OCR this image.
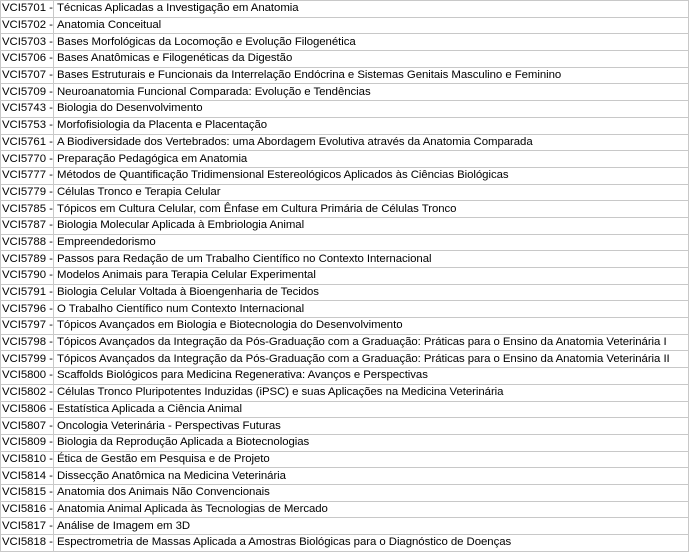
VCI5701 -	Técnicas Aplicadas a Investigação em Anatomia
VCI5702 -	Anatomia Conceitual
VCI5703 -	Bases Morfológicas da Locomoção e Evolução Filogenética
VCI5706 -	Bases Anatômicas e Filogenéticas da Digestão
VCI5707 -	Bases Estruturais e Funcionais da Interrelação Endócrina e Sistemas Genitais Masculino e Feminino
VCI5709 -	Neuroanatomia Funcional Comparada: Evolução e Tendências
VCI5743 -	Biologia do Desenvolvimento
VCI5753 -	Morfofisiologia da Placenta e Placentação
VCI5761 -	A Biodiversidade dos Vertebrados: uma Abordagem Evolutiva através da Anatomia Comparada
VCI5770 -	Preparação Pedagógica em Anatomia
VCI5777 -	Métodos de Quantificação Tridimensional Estereológicos Aplicados às Ciências Biológicas
VCI5779 -	Células Tronco e Terapia Celular
VCI5785 -	Tópicos em Cultura Celular, com Ênfase em Cultura Primária de Células Tronco
VCI5787 -	Biologia Molecular Aplicada à Embriologia Animal
VCI5788 -	Empreendedorismo
VCI5789 -	Passos para Redação de um Trabalho Científico no Contexto Internacional
VCI5790 -	Modelos Animais para Terapia Celular Experimental
VCI5791 -	Biologia Celular Voltada à Bioengenharia de Tecidos
VCI5796 -	O Trabalho Científico num Contexto Internacional
VCI5797 -	Tópicos Avançados em Biologia e Biotecnologia do Desenvolvimento
VCI5798 -	Tópicos Avançados da Integração da Pós-Graduação com a Graduação: Práticas para o Ensino da Anatomia Veterinária I
VCI5799 -	Tópicos Avançados da Integração da Pós-Graduação com a Graduação: Práticas para o Ensino da Anatomia Veterinária II
VCI5800 -	Scaffolds Biológicos para Medicina Regenerativa: Avanços e Perspectivas
VCI5802 -	Células Tronco Pluripotentes Induzidas (iPSC) e suas Aplicações na Medicina Veterinária
VCI5806 -	Estatística Aplicada a Ciência Animal
VCI5807 -	Oncologia Veterinária - Perspectivas Futuras
VCI5809 -	Biologia da Reprodução Aplicada a Biotecnologias
VCI5810 -	Ética de Gestão em Pesquisa e de Projeto
VCI5814 -	Dissecção Anatômica na Medicina Veterinária
VCI5815 -	Anatomia dos Animais Não Convencionais
VCI5816 -	Anatomia Animal Aplicada às Tecnologias de Mercado
VCI5817 -	Análise de Imagem em 3D
VCI5818 -	Espectrometria de Massas Aplicada a Amostras Biológicas para o Diagnóstico de Doenças
